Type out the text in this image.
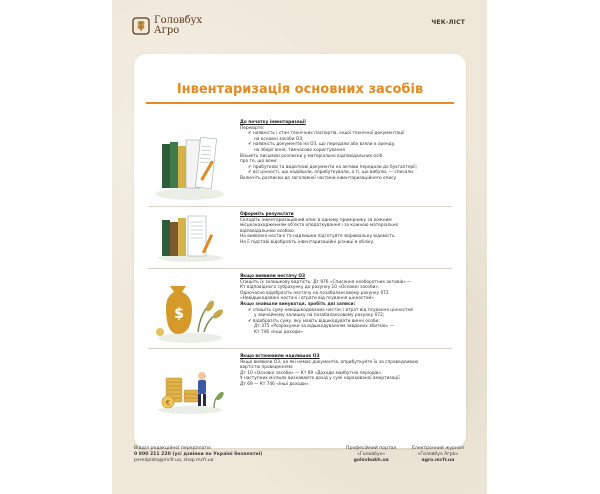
Головбух
Агро
ЧЕК-ЛІСТ
Інвентаризація основних засобів
До початку інвентаризації
Перевірте:
✔ наявність і стан технічних паспортів, іншої технічної документації
на основні засоби ОЗ;
✔ наявність документів на ОЗ, що передали або взяли в оренду,
на зберігання, тимчасове користування
Візьміть письмові розписки у матеріально відповідальних осіб
про те, що вони:
✔ прибуткові та видаткові документи на активи передали до бухгалтерії;
✔ всі цінності, що надійшли, оприбуткували, а ті, що вибули, — списали.
Включіть розписки до заголовної частини інвентаризаційного опису
Оформіть результати
Складіть інвентаризаційний опис в одному примірнику за кожним
місцезнаходженням об'єкта оподаткування і за кожною матеріально
відповідальною особою.
На виявлені нестачі та надлишки підготуйте звірювальну відомість.
На її підставі відобразіть інвентаризаційні різниці в обліку
$
Якщо виявили нестачу ОЗ
Спишіть їх залишкову вартість: Дт 976 «Списання необоротних активів» —
Кт відповідного субрахунку до рахунку 10 «Основні засоби».
Одночасно відобразіть нестачу на позабалансовому рахунку 072
«Невідшкодовані нестачі і втрати від псування цінностей»
Якщо знайшли винуватця, зробіть дві записи:
✔ спишіть суму невідшкодованих нестач і втрат від псування цінностей
у звичайному залишку на позабалансовому рахунку 072;
✔ відобразіть суму, яку мають відшкодувати винні особи:
Дт 375 «Розрахунки за відшкодуванням завданих збитків» —
Кт 746 «Інші доходи»
€
Якщо встановили надлишок ОЗ
Якщо виявили ОЗ, на які немає документів, оприбуткуйте їх за справедливою
вартістю проведенням:
Дт 10 «Основні засоби» — Кт 69 «Доходи майбутніх періодів».
У наступних місяцях визнавайте дохід у сумі нарахованої амортизації
Дт 69 — Кт 746 «Інші доходи»
Відділ редакційної передплати:
0 800 211 220 (усі дзвінки по Україні безплатні)
peredplata@mcfr.ua, shop.mcfr.ua
Професійний портал
«Головбух»
golovbukh.ua
Електронний журнал
«Головбух Агро»
agro.mcfr.ua
